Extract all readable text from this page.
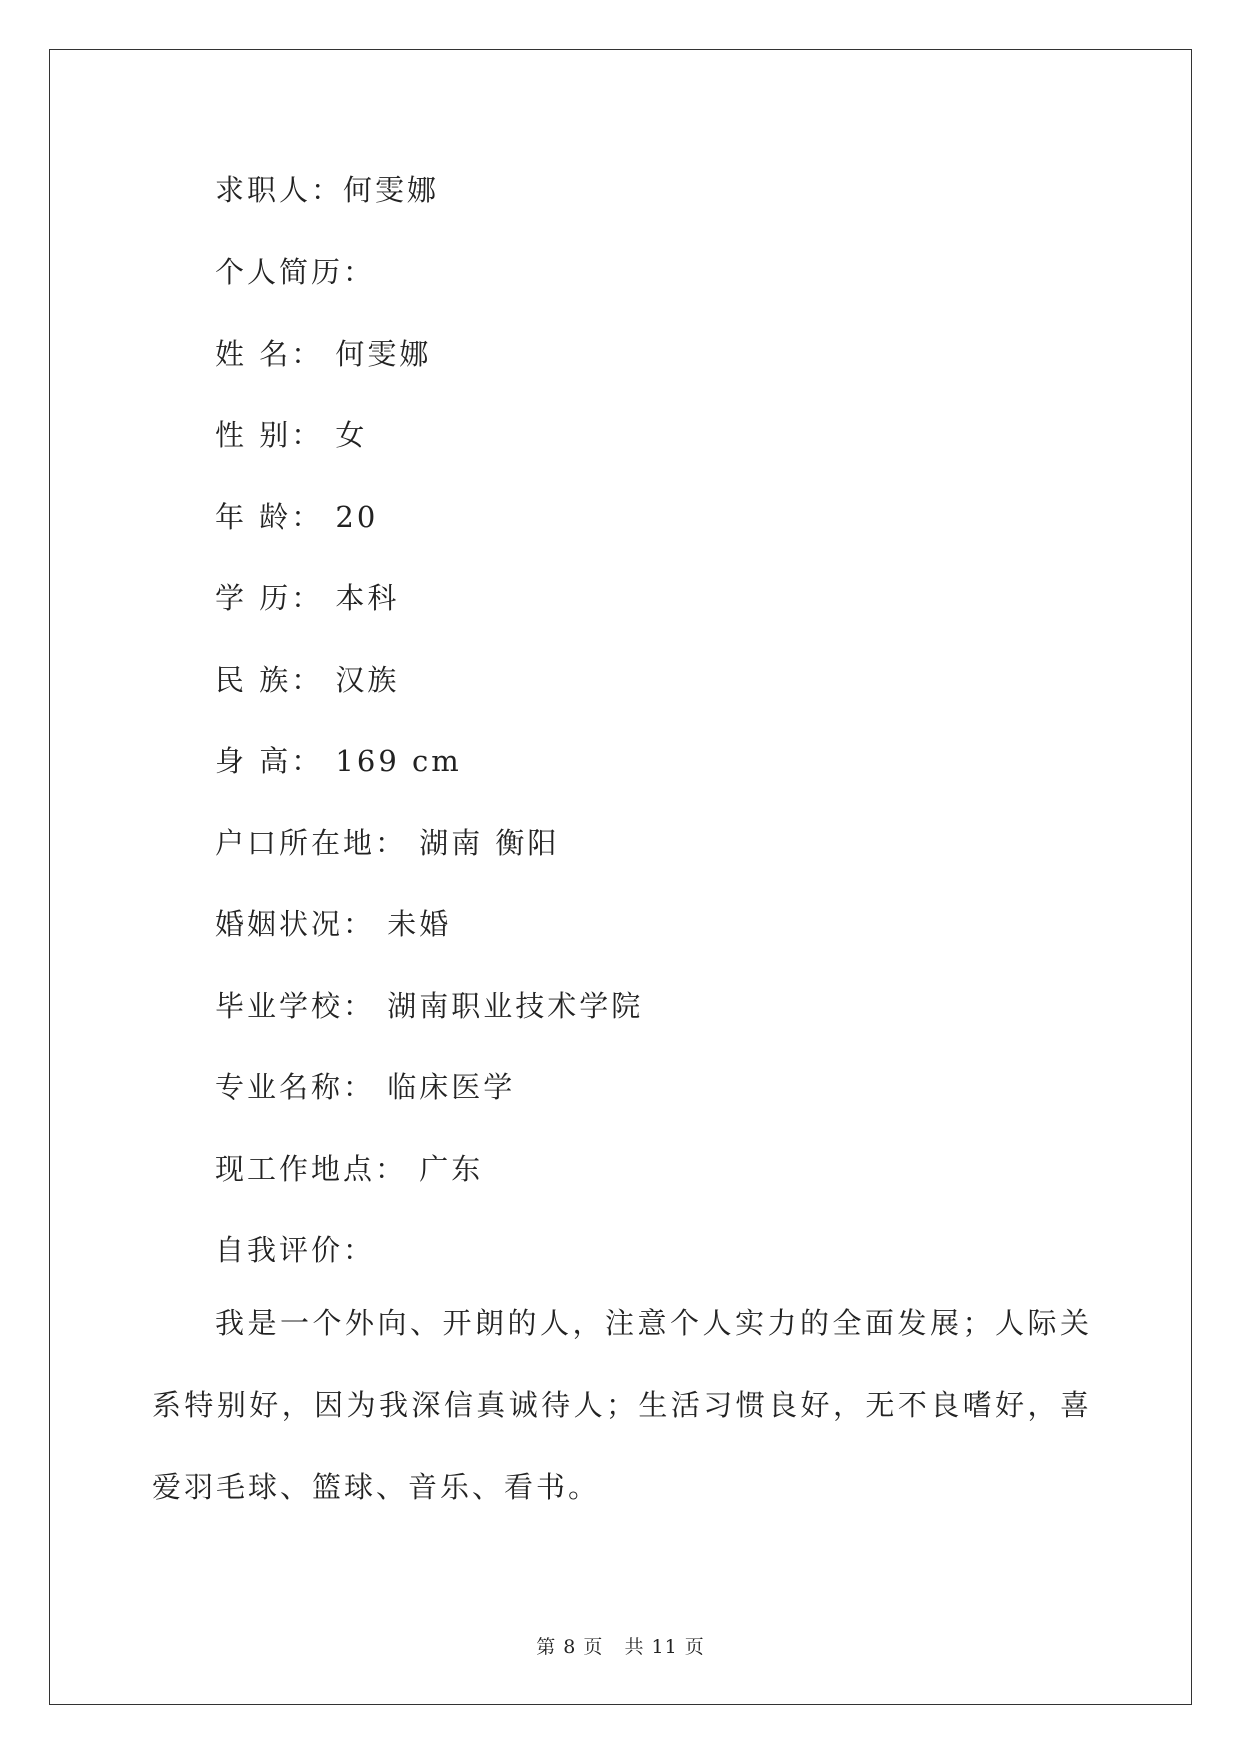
求职人：何雯娜
个人简历：
姓 名： 何雯娜
性 别： 女
年 龄： 20
学 历： 本科
民 族： 汉族
身 高： 169 cm
户口所在地： 湖南 衡阳
婚姻状况： 未婚
毕业学校： 湖南职业技术学院
专业名称： 临床医学
现工作地点： 广东
自我评价：
我是一个外向、开朗的人，注意个人实力的全面发展；人际关系特别好，因为我深信真诚待人；生活习惯良好，无不良嗜好，喜爱羽毛球、篮球、音乐、看书。
第 8 页   共 11 页
